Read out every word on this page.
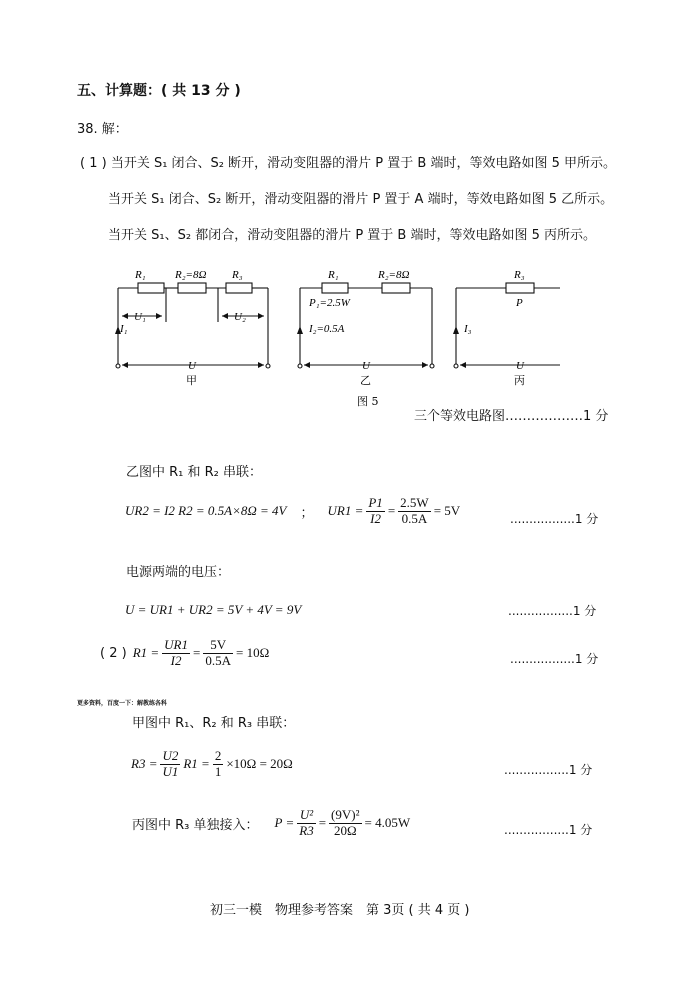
五、计算题：( 共 13 分 )
38. 解：
( 1 ) 当开关 S₁ 闭合、S₂ 断开，滑动变阻器的滑片 P 置于 B 端时，等效电路如图 5 甲所示。
当开关 S₁ 闭合、S₂ 断开，滑动变阻器的滑片 P 置于 A 端时，等效电路如图 5 乙所示。
当开关 S₁、S₂ 都闭合，滑动变阻器的滑片 P 置于 B 端时，等效电路如图 5 丙所示。
R₁	R₂=8Ω R₃
U₁	U₂
I₁
U
甲
R₁	R₂=8Ω
P₁=2.5W
I₂=0.5A
U
乙
R₃
P
I₃
U
丙
图 5
三个等效电路图………………1 分
乙图中 R₁ 和 R₂ 串联：
UR2 = I2 R2 = 0.5A×8Ω = 4V ； $UR1 = \frac{P1}{I2} = \frac{2.5W}{0.5A} = 5V$
.................1 分
电源两端的电压：
U = UR1 + UR2 = 5V + 4V = 9V	.................1 分
( 2 ) $R1 = \frac{UR1}{I2} = \frac{5V}{0.5A} = 10\Omega$	.................1 分
更多资料，百度一下：解教练各科
甲图中 R₁、R₂ 和 R₃ 串联：
$R3 = \frac{U2}{U1} R1 = \frac{2}{1} \times 10\Omega = 20\Omega$	.................1 分
丙图中 R₃ 单独接入： $P = \frac{\text{U²}}{R3} = \frac{\text{(9V)²}}{20\Omega} = 4.05W$	.................1 分
初三一模　物理参考答案　第 3页 ( 共 4 页 )
